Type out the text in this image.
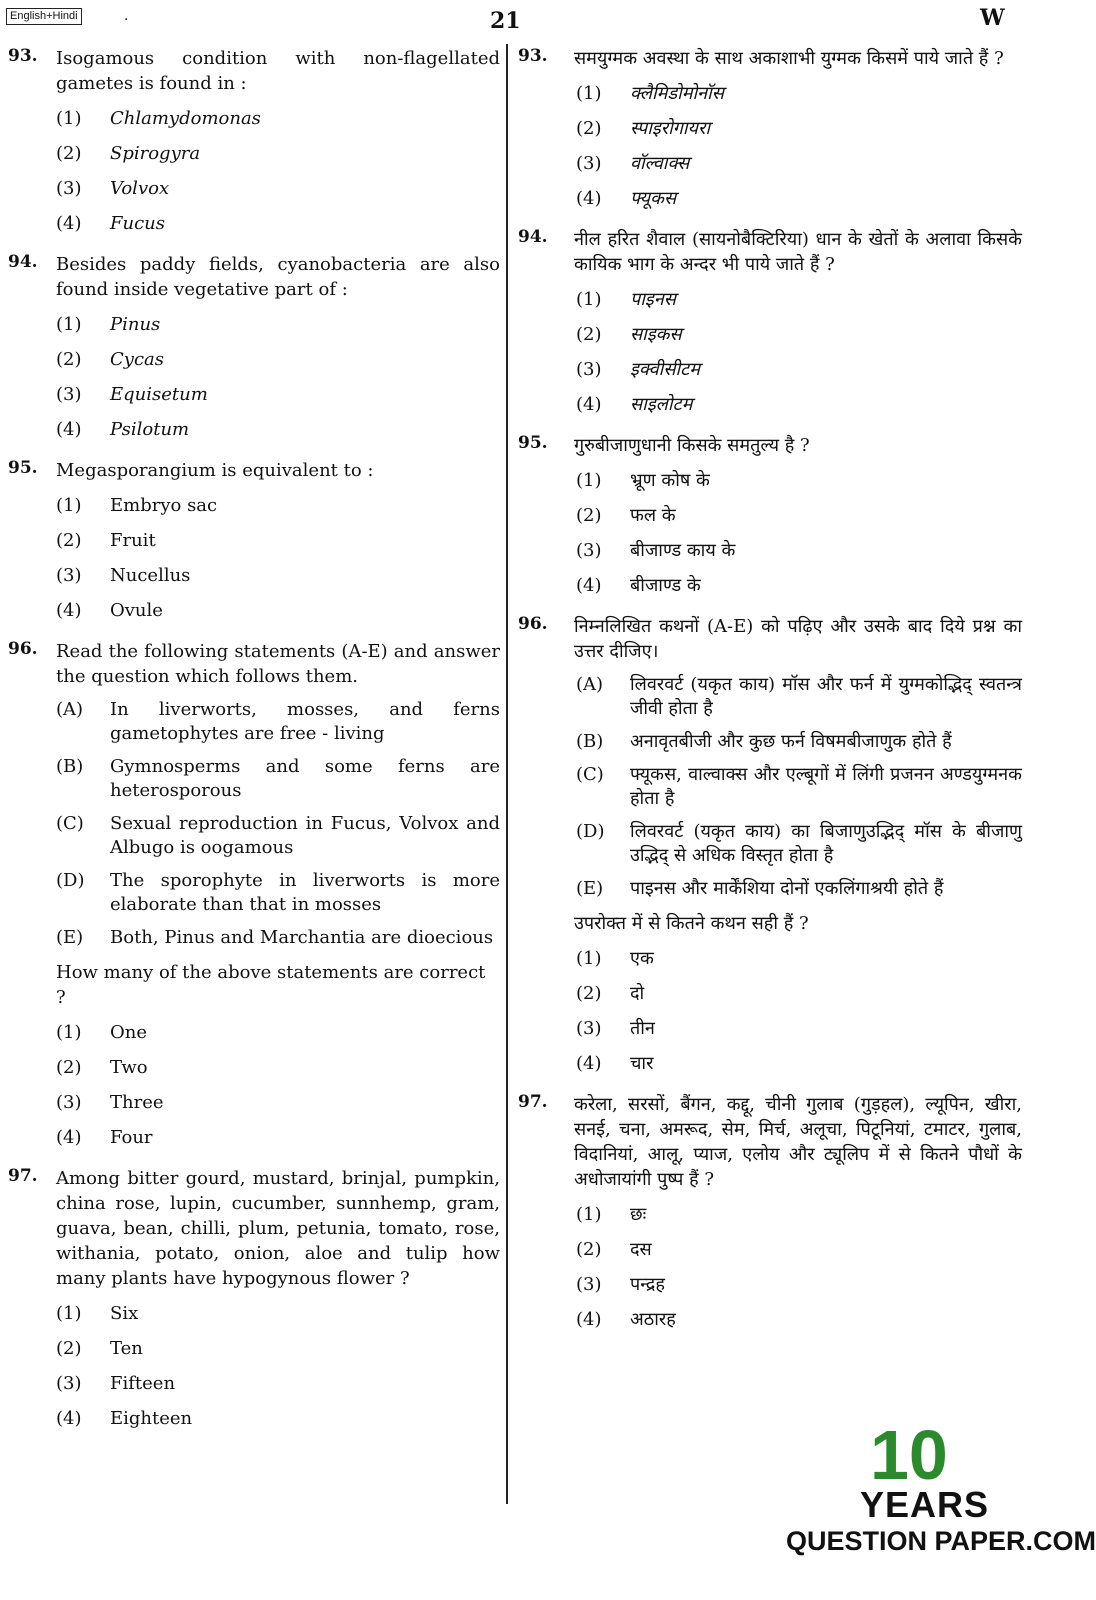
English+Hindi	·	21	W
93. Isogamous condition with non-flagellated gametes is found in :
(1)	Chlamydomonas
(2)	Spirogyra
(3)	Volvox
(4)	Fucus
94. Besides paddy fields, cyanobacteria are also found inside vegetative part of :
(1)	Pinus
(2)	Cycas
(3)	Equisetum
(4)	Psilotum
95. Megasporangium is equivalent to :
(1)	Embryo sac
(2)	Fruit
(3)	Nucellus
(4)	Ovule
96. Read the following statements (A-E) and answer the question which follows them.
(A)	In liverworts, mosses, and ferns gametophytes are free - living
(B)	Gymnosperms and some ferns are heterosporous
(C)	Sexual reproduction in Fucus, Volvox and Albugo is oogamous
(D)	The sporophyte in liverworts is more elaborate than that in mosses
(E)	Both, Pinus and Marchantia are dioecious
How many of the above statements are correct ?
(1)	One
(2)	Two
(3)	Three
(4)	Four
97. Among bitter gourd, mustard, brinjal, pumpkin, china rose, lupin, cucumber, sunnhemp, gram, guava, bean, chilli, plum, petunia, tomato, rose, withania, potato, onion, aloe and tulip how many plants have hypogynous flower ?
(1)	Six
(2)	Ten
(3)	Fifteen
(4)	Eighteen
93. समयुग्मक अवस्था के साथ अकाशाभी युग्मक किसमें पाये जाते हैं ?
(1)	क्लैमिडोमोनॉस
(2)	स्पाइरोगायरा
(3)	वॉल्वाक्स
(4)	फ्यूकस
94. नील हरित शैवाल (सायनोबैक्टिरिया) धान के खेतों के अलावा किसके कायिक भाग के अन्दर भी पाये जाते हैं ?
(1)	पाइनस
(2)	साइकस
(3)	इक्वीसीटम
(4)	साइलोटम
95. गुरुबीजाणुधानी किसके समतुल्य है ?
(1)	भ्रूण कोष के
(2)	फल के
(3)	बीजाण्ड काय के
(4)	बीजाण्ड के
96. निम्नलिखित कथनों (A-E) को पढ़िए और उसके बाद दिये प्रश्न का उत्तर दीजिए।
(A)	लिवरवर्ट (यकृत काय) मॉस और फर्न में युग्मकोद्भिद् स्वतन्त्र जीवी होता है
(B)	अनावृतबीजी और कुछ फर्न विषमबीजाणुक होते हैं
(C)	फ्यूकस, वाल्वाक्स और एल्बूगों में लिंगी प्रजनन अण्डयुग्मनक होता है
(D)	लिवरवर्ट (यकृत काय) का बिजाणुउद्भिद् मॉस के बीजाणु उद्भिद् से अधिक विस्तृत होता है
(E)	पाइनस और मार्केंशिया दोनों एकलिंगाश्रयी होते हैं
उपरोक्त में से कितने कथन सही हैं ?
(1)	एक
(2)	दो
(3)	तीन
(4)	चार
97. करेला, सरसों, बैंगन, कद्दू, चीनी गुलाब (गुड़हल), ल्यूपिन, खीरा, सनई, चना, अमरूद, सेम, मिर्च, अलूचा, पिटूनियां, टमाटर, गुलाब, विदानियां, आलू, प्याज, एलोय और ट्यूलिप में से कितने पौधों के अधोजायांगी पुष्प हैं ?
(1)	छः
(2)	दस
(3)	पन्द्रह
(4)	अठारह
10
YEARS
QUESTION PAPER.COM
